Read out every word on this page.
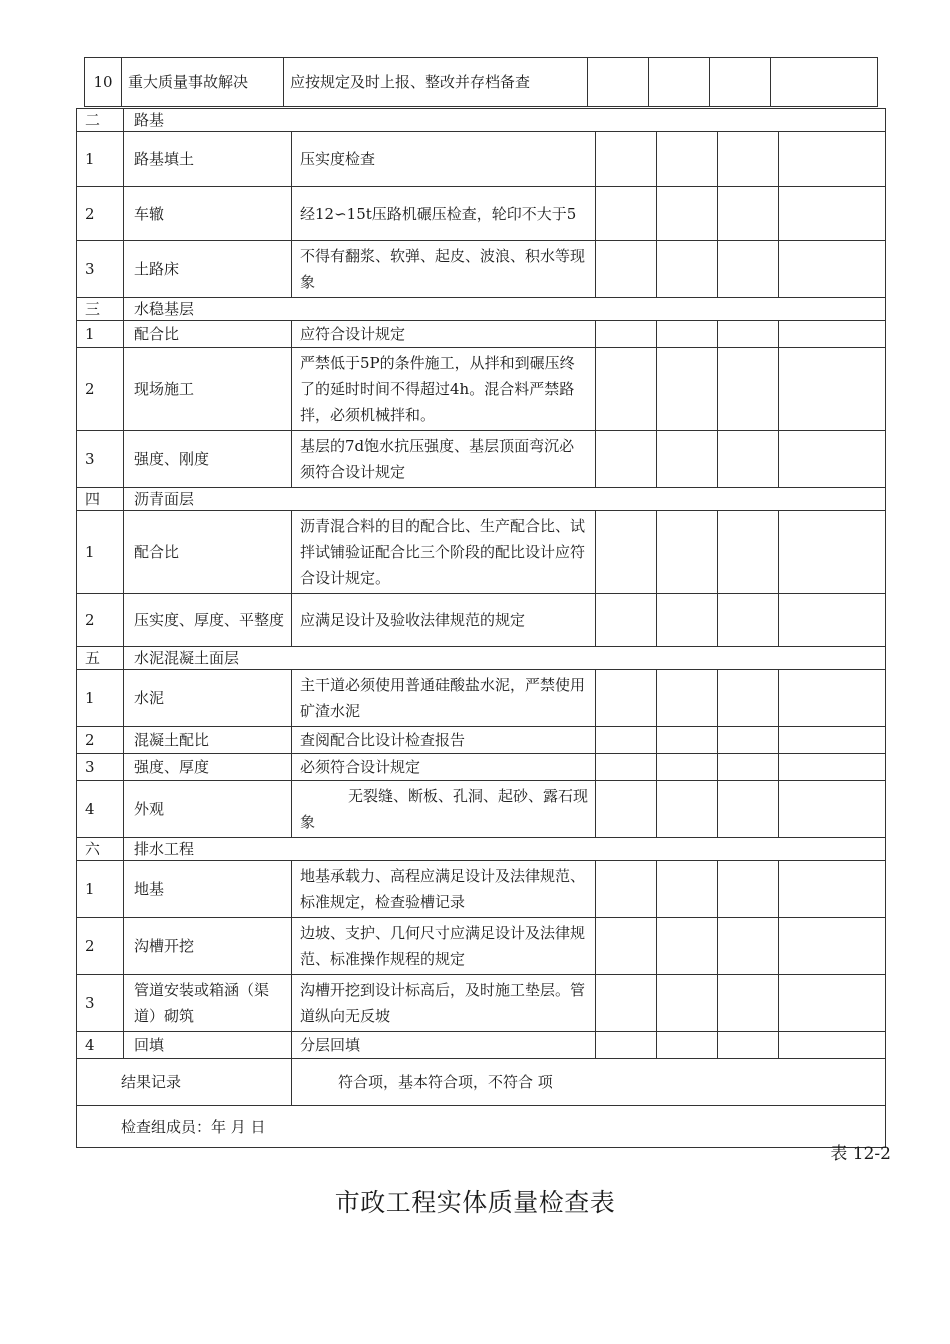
10	重大质量事故解决	应按规定及时上报、整改并存档备查				
二	路基					
1	路基填土	压实度检查				
2	车辙	经12∽15t压路机碾压检查，轮印不大于5				
3	土路床	不得有翻浆、软弹、起皮、波浪、积水等现象				
三	水稳基层					
1	配合比	应符合设计规定				
2	现场施工	严禁低于5P的条件施工，从拌和到碾压终了的延时时间不得超过4h。混合料严禁路拌，必须机械拌和。				
3	强度、刚度	基层的7d饱水抗压强度、基层顶面弯沉必须符合设计规定				
四	沥青面层					
1	配合比	沥青混合料的目的配合比、生产配合比、试拌试铺验证配合比三个阶段的配比设计应符合设计规定。				
2	压实度、厚度、平整度	应满足设计及验收法律规范的规定				
五	水泥混凝土面层					
1	水泥	主干道必须使用普通硅酸盐水泥，严禁使用矿渣水泥				
2	混凝土配比	查阅配合比设计检查报告				
3	强度、厚度	必须符合设计规定				
4	外观	无裂缝、断板、孔洞、起砂、露石现象				
六	排水工程					
1	地基	地基承载力、高程应满足设计及法律规范、标准规定，检查验槽记录				
2	沟槽开挖	边坡、支护、几何尺寸应满足设计及法律规范、标准操作规程的规定				
3	管道安装或箱涵（渠道）砌筑	沟槽开挖到设计标高后，及时施工垫层。管道纵向无反坡				
4	回填	分层回填				
结果记录		符合项，基本符合项，不符合 项				
检查组成员：年 月 日						
表 12-2
市政工程实体质量检查表
